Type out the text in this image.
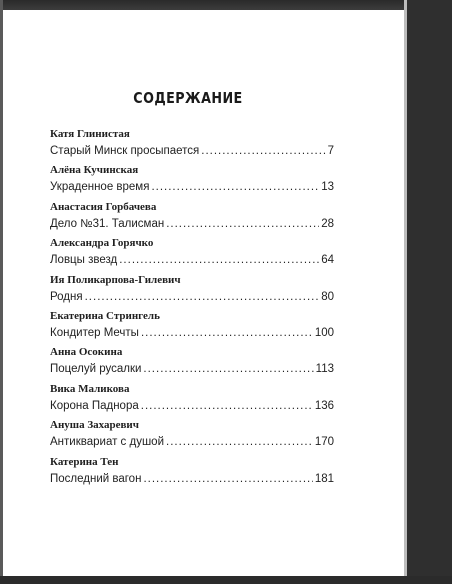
СОДЕРЖАНИЕ
Катя Глинистая
Старый Минск просыпается .....	7
Алёна Кучинская
Украденное время .....	13
Анастасия Горбачева
Дело №31. Талисман .....	28
Александра Горячко
Ловцы звезд .....	64
Ия Поликарпова-Гилевич
Родня .....	80
Екатерина Стрингель
Кондитер Мечты .....	100
Анна Осокина
Поцелуй русалки .....	113
Вика Маликова
Корона Паднора .....	136
Ануша Захаревич
Антиквариат с душой .....	170
Катерина Тен
Последний вагон .....	181
